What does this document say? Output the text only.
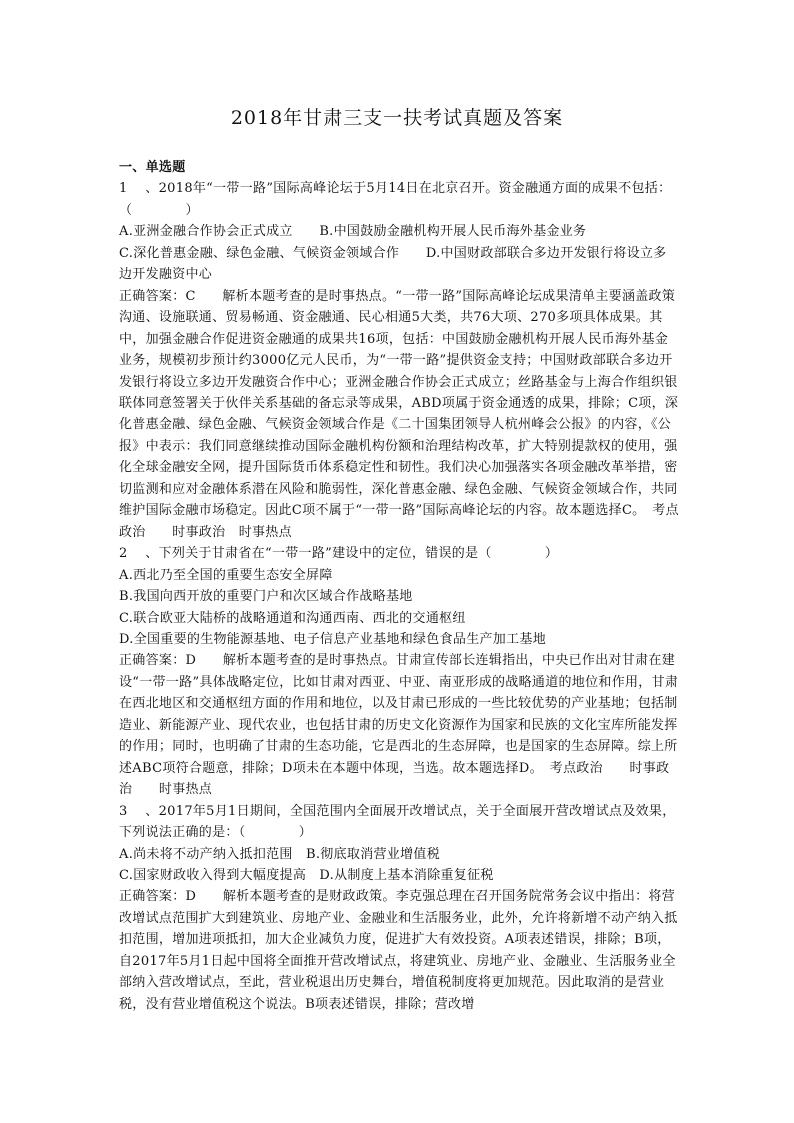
2018年甘肃三支一扶考试真题及答案

一、单选题

1 　、2018年“一带一路”国际高峰论坛于5月14日在北京召开。资金融通方面的成果不包括：（　　　　）

A.亚洲金融合作协会正式成立　　B.中国鼓励金融机构开展人民币海外基金业务

C.深化普惠金融、绿色金融、气候资金领域合作　　D.中国财政部联合多边开发银行将设立多边开发融资中心

正确答案：C　　解析本题考查的是时事热点。“一带一路”国际高峰论坛成果清单主要涵盖政策沟通、设施联通、贸易畅通、资金融通、民心相通5大类，共76大项、270多项具体成果。其中，加强金融合作促进资金融通的成果共16项，包括：中国鼓励金融机构开展人民币海外基金业务，规模初步预计约3000亿元人民币，为“一带一路”提供资金支持；中国财政部联合多边开发银行将设立多边开发融资合作中心；亚洲金融合作协会正式成立；丝路基金与上海合作组织银联体同意签署关于伙伴关系基础的备忘录等成果，ABD项属于资金通透的成果，排除；C项，深化普惠金融、绿色金融、气候资金领域合作是《二十国集团领导人杭州峰会公报》的内容，《公报》中表示：我们同意继续推动国际金融机构份额和治理结构改革，扩大特别提款权的使用，强化全球金融安全网，提升国际货币体系稳定性和韧性。我们决心加强落实各项金融改革举措，密切监测和应对金融体系潜在风险和脆弱性，深化普惠金融、绿色金融、气候资金领域合作，共同维护国际金融市场稳定。因此C项不属于“一带一路”国际高峰论坛的内容。故本题选择C。　考点政治　　时事政治　时事热点

2 　、下列关于甘肃省在“一带一路”建设中的定位，错误的是（　　　　）

A.西北乃至全国的重要生态安全屏障

B.我国向西开放的重要门户和次区域合作战略基地

C.联合欧亚大陆桥的战略通道和沟通西南、西北的交通枢纽

D.全国重要的生物能源基地、电子信息产业基地和绿色食品生产加工基地

正确答案：D　　解析本题考查的是时事热点。甘肃宣传部长连辑指出，中央已作出对甘肃在建设“一带一路”具体战略定位，比如甘肃对西亚、中亚、南亚形成的战略通道的地位和作用，甘肃在西北地区和交通枢纽方面的作用和地位，以及甘肃已形成的一些比较优势的产业基地；包括制造业、新能源产业、现代农业，也包括甘肃的历史文化资源作为国家和民族的文化宝库所能发挥的作用；同时，也明确了甘肃的生态功能，它是西北的生态屏障，也是国家的生态屏障。综上所述ABC项符合题意，排除；D项未在本题中体现，当选。故本题选择D。　考点政治　　时事政治　　时事热点

3 　、2017年5月1日期间，全国范围内全面展开改增试点，关于全面展开营改增试点及效果，下列说法正确的是：（　　　　）

A.尚未将不动产纳入抵扣范围　B.彻底取消营业增值税

C.国家财政收入得到大幅度提高　D.从制度上基本消除重复征税

正确答案：D　　解析本题考查的是财政政策。李克强总理在召开国务院常务会议中指出：将营改增试点范围扩大到建筑业、房地产业、金融业和生活服务业，此外，允许将新增不动产纳入抵扣范围，增加进项抵扣，加大企业减负力度，促进扩大有效投资。A项表述错误，排除；B项，自2017年5月1日起中国将全面推开营改增试点，将建筑业、房地产业、金融业、生活服务业全部纳入营改增试点，至此，营业税退出历史舞台，增值税制度将更加规范。因此取消的是营业税，没有营业增值税这个说法。B项表述错误，排除；营改增
